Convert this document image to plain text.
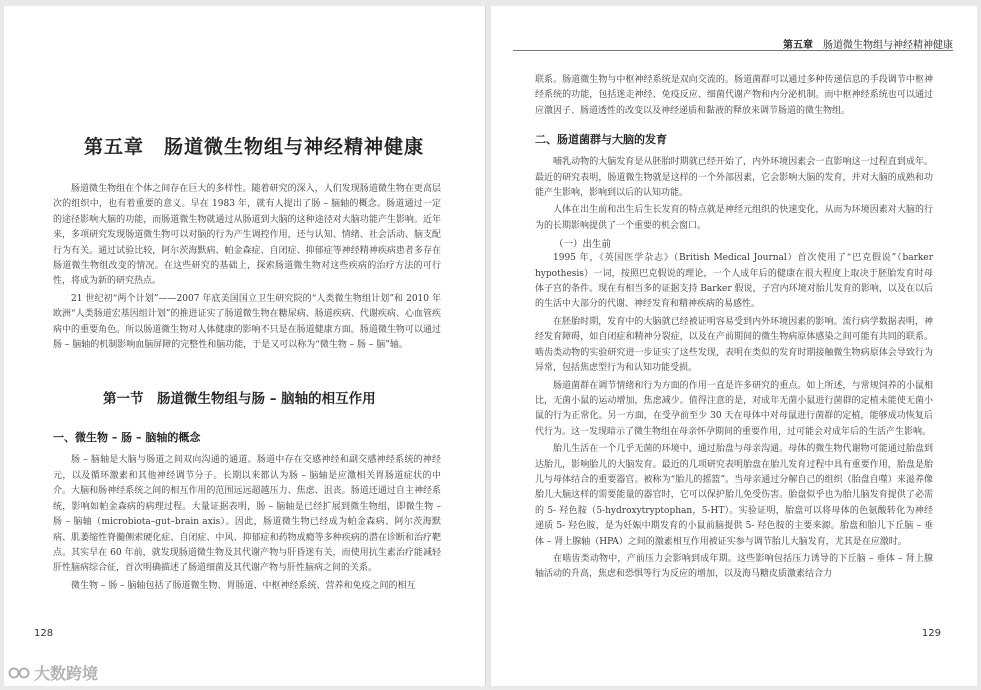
第五章　肠道微生物组与神经精神健康

肠道微生物组在个体之间存在巨大的多样性。随着研究的深入，人们发现肠道微生物在更高层次的组织中，也有着重要的意义。早在 1983 年，就有人提出了肠 – 脑轴的概念。肠道通过一定的途径影响大脑的功能，而肠道微生物就通过从肠道到大脑的这种途径对大脑功能产生影响。近年来，多项研究发现肠道微生物可以对脑的行为产生调控作用，还与认知、情绪、社会活动、脑支配行为有关。通过试验比较，阿尔茨海默病、帕金森症、自闭症、抑郁症等神经精神疾病患者多存在肠道微生物组改变的情况。在这些研究的基础上，探索肠道微生物对这些疾病的治疗方法的可行性，将成为新的研究热点。

21 世纪初“两个计划”——2007 年底美国国立卫生研究院的“人类微生物组计划”和 2010 年欧洲“人类肠道宏基因组计划”的推进证实了肠道微生物在糖尿病、肠道疾病、代谢疾病、心血管疾病中的重要角色。所以肠道微生物对人体健康的影响不只是在肠道健康方面。肠道微生物可以通过肠 – 脑轴的机制影响血脑屏障的完整性和脑功能，于是又可以称为“微生物 – 肠 – 脑”轴。

第一节　肠道微生物组与肠 – 脑轴的相互作用
一、微生物 – 肠 – 脑轴的概念

肠 – 脑轴是大脑与肠道之间双向沟通的通道。肠道中存在交感神经和副交感神经系统的神经元，以及循环激素和其他神经调节分子。长期以来都认为肠 – 脑轴是应激相关胃肠道症状的中介。大脑和肠神经系统之间的相互作用的范围远远超越压力、焦虑、沮丧。肠道还通过自主神经系统，影响如帕金森病的病理过程。大量证据表明，肠 – 脑轴是已经扩展到微生物组，即微生物 – 肠 – 脑轴（microbiota–gut–brain axis）。因此，肠道微生物已经成为帕金森病、阿尔茨海默病、肌萎缩性脊髓侧索硬化症、自闭症、中风、抑郁症和药物成瘾等多种疾病的潜在诊断和治疗靶点。其实早在 60 年前，就发现肠道微生物及其代谢产物与肝昏迷有关，而使用抗生素治疗能减轻肝性脑病综合征，首次明确描述了肠道细菌及其代谢产物与肝性脑病之间的关系。

微生物 – 肠 – 脑轴包括了肠道微生物、胃肠道、中枢神经系统、营养和免疫之间的相互

128
第五章 肠道微生物组与神经精神健康

联系。肠道微生物与中枢神经系统是双向交流的。肠道菌群可以通过多种传递信息的手段调节中枢神经系统的功能，包括迷走神经、免疫反应、细菌代谢产物和内分泌机制。而中枢神经系统也可以通过应激因子、肠道透性的改变以及神经递质和黏液的释放来调节肠道的微生物组。

二、肠道菌群与大脑的发育

哺乳动物的大脑发育是从胚胎时期就已经开始了，内外环境因素会一直影响这一过程直到成年。最近的研究表明，肠道微生物就是这样的一个外部因素，它会影响大脑的发育，并对大脑的成熟和功能产生影响，影响到以后的认知功能。

人体在出生前和出生后生长发育的特点就是神经元组织的快速变化，从而为环境因素对大脑的行为的长期影响提供了一个重要的机会窗口。

（一）出生前

1995 年，《英国医学杂志》（British Medical Journal）首次使用了“巴克假说”（barker hypothesis）一词，按照巴克假说的理论，一个人成年后的健康在很大程度上取决于胚胎发育时母体子宫的条件。现在有相当多的证据支持 Barker 假说，子宫内环境对胎儿发育的影响，以及在以后的生活中大部分的代谢、神经发育和精神疾病的易感性。

在胚胎时期，发育中的大脑就已经被证明容易受到内外环境因素的影响。流行病学数据表明，神经发育障碍，如自闭症和精神分裂症，以及在产前期间的微生物病原体感染之间可能有共同的联系。啮齿类动物的实验研究进一步证实了这些发现，表明在类似的发育时期接触微生物病原体会导致行为异常，包括焦虑型行为和认知功能受损。

肠道菌群在调节情绪和行为方面的作用一直是许多研究的重点。如上所述，与常规饲养的小鼠相比，无菌小鼠的运动增加，焦虑减少。值得注意的是，对成年无菌小鼠进行菌群的定植未能使无菌小鼠的行为正常化。另一方面，在受孕前至少 30 天在母体中对母鼠进行菌群的定植，能够成功恢复后代行为。这一发现暗示了微生物组在母亲怀孕期间的重要作用，过可能会对成年后的生活产生影响。

胎儿生活在一个几乎无菌的环境中，通过胎盘与母亲沟通。母体的微生物代谢物可能通过胎盘到达胎儿，影响胎儿的大脑发育。最近的几项研究表明胎盘在胎儿发育过程中具有重要作用，胎盘是胎儿与母体结合的重要器官。被称为“胎儿的摇篮”。当母亲通过分解自己的组织（胎盘自噬）来滋养像胎儿大脑这样的需要能量的器官时，它可以保护胎儿免受伤害。胎盘似乎也为胎儿脑发育提供了必需的 5- 羟色胺（5-hydroxytryptophan，5-HT）。实验证明，胎盘可以将母体的色氨酸转化为神经递质 5- 羟色胺，是为妊娠中期发育的小鼠前脑提供 5- 羟色胺的主要来源。胎盘和胎儿下丘脑 – 垂体 – 肾上腺轴（HPA）之间的激素相互作用被证实参与调节胎儿大脑发育，尤其是在应激时。

在啮齿类动物中，产前压力会影响到成年期。这些影响包括压力诱导的下丘脑 – 垂体 – 肾上腺轴活动的升高，焦虑和恐惧等行为反应的增加，以及海马糖皮质激素结合力

129
大数跨境
